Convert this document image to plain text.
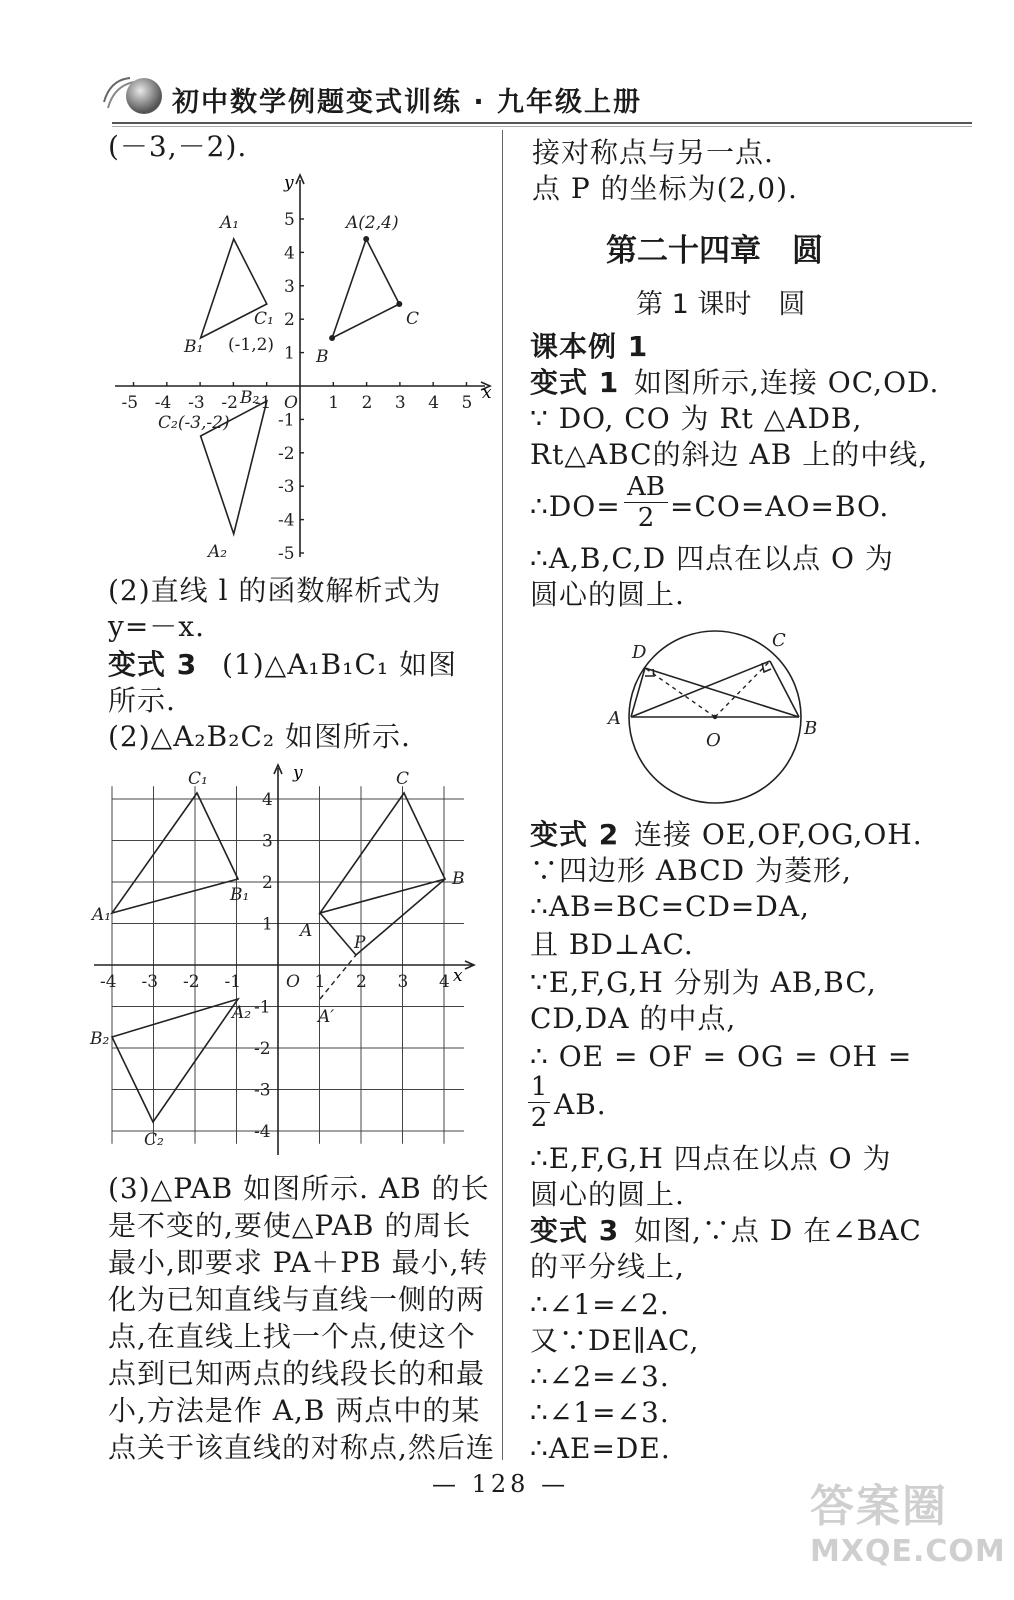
初中数学例题变式训练 · 九年级上册
(－3,－2).
-5 -4 -3 -2 -1 O 1 2 3 4 5
5
4
3
2
1
-1
-2
-3
-4
-5
x
y
A₁
B₁
C₁
(-1,2)
A(2,4)
B
C
A₂
B₂
C₂(-3,-2)
(2)直线 l 的函数解析式为
y=－x.
变式 3 (1)△A₁B₁C₁ 如图
所示.
(2)△A₂B₂C₂ 如图所示.
-4 -3 -2 -1	O 1 2 3 4
4
3
2
1
-1
-2
-3
-4
x
y
C₁
B₁
A₁
C
B
A
P
A′
A₂
B₂
C₂
(3)△PAB 如图所示. AB 的长
是不变的,要使△PAB 的周长
最小,即要求 PA＋PB 最小,转
化为已知直线与直线一侧的两
点,在直线上找一个点,使这个
点到已知两点的线段长的和最
小,方法是作 A,B 两点中的某
点关于该直线的对称点,然后连
接对称点与另一点.
点 P 的坐标为(2,0).
第二十四章　圆
第 1 课时　圆
课本例 1
变式 1 如图所示,连接 OC,OD.
∵ DO, CO 为 Rt △ADB,
Rt△ABC的斜边 AB 上的中线,
∴DO= $\frac{AB}{2} =CO=AO=BO$.
∴A,B,C,D 四点在以点 O 为
圆心的圆上.
D
C
A	B
O
变式 2 连接 OE,OF,OG,OH.
∵四边形 ABCD 为菱形,
∴AB=BC=CD=DA,
且 BD⊥AC.
∵E,F,G,H 分别为 AB,BC,
CD,DA 的中点,
∴ OE = OF = OG = OH =
$\frac{1}{2}$ AB.
∴E,F,G,H 四点在以点 O 为
圆心的圆上.
变式 3 如图,∵点 D 在∠BAC
的平分线上,
∴∠1=∠2.
又∵DE∥AC,
∴∠2=∠3.
∴∠1=∠3.
∴AE=DE.
— 128 —	答案圈
MXQE.COM
